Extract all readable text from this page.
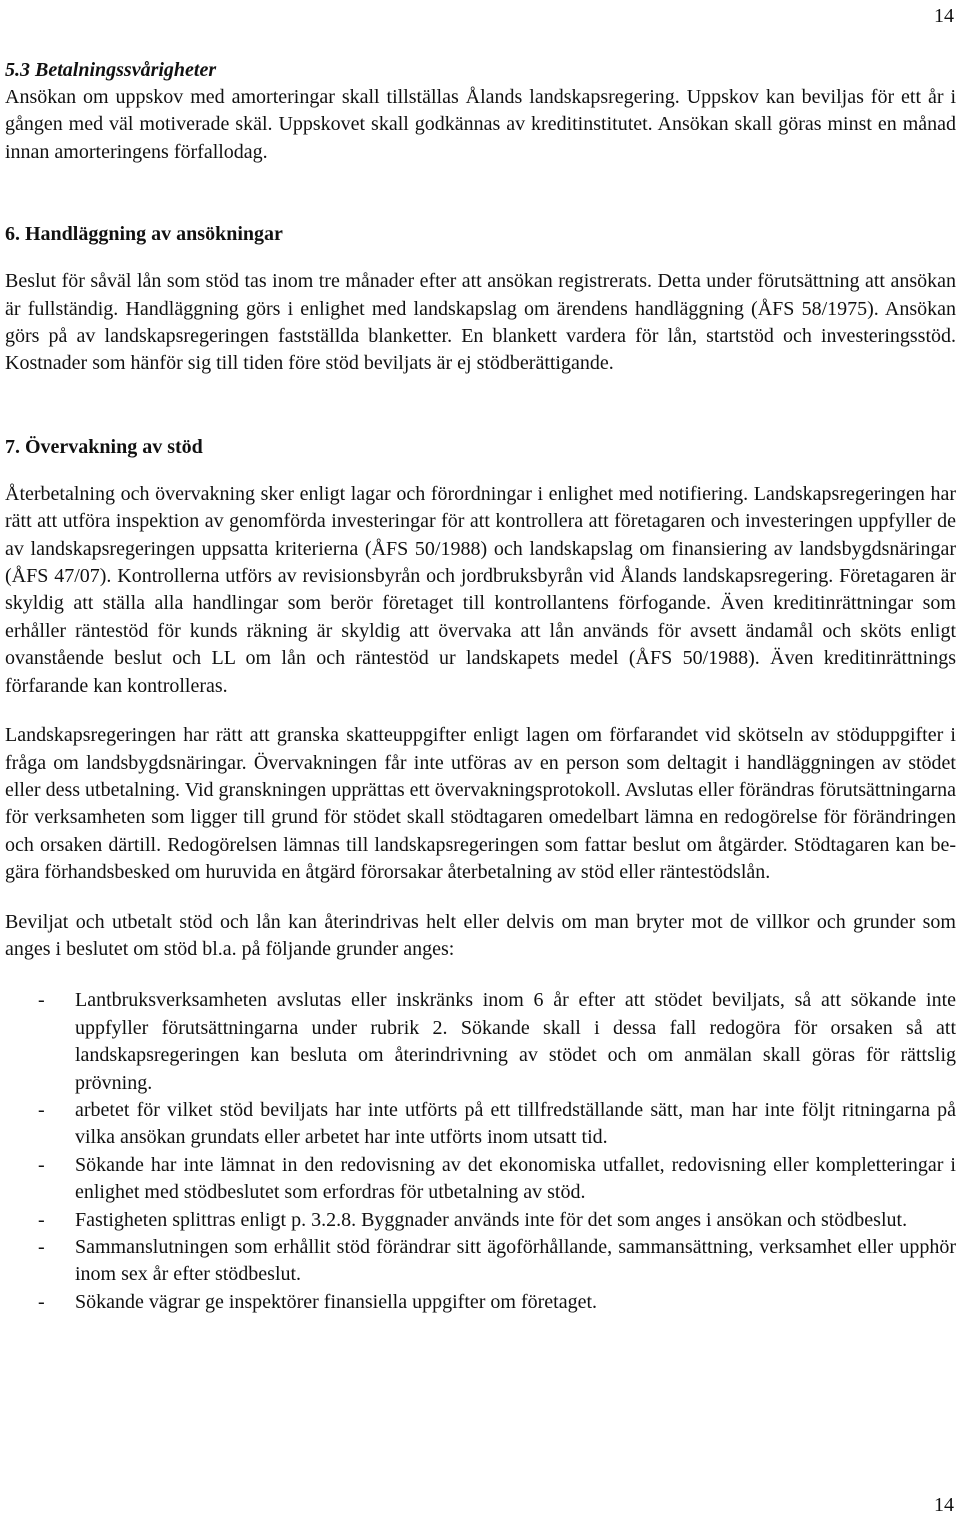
14
5.3 Betalningssvårigheter

Ansökan om uppskov med amorteringar skall tillställas Ålands landskapsregering. Uppskov kan beviljas för ett år i gången med väl motiverade skäl. Uppskovet skall godkännas av kreditinstitutet. Ansökan skall göras minst en månad innan amorteringens förfallodag.

6. Handläggning av ansökningar

Beslut för såväl lån som stöd tas inom tre månader efter att ansökan registrerats. Detta under förutsättning att ansökan är fullständig. Handläggning görs i enlighet med landskapslag om ärendens handläggning (ÅFS 58/1975). Ansökan görs på av landskapsregeringen fastställda blanketter. En blankett vardera för lån, startstöd och investeringsstöd. Kostnader som hänför sig till tiden före stöd beviljats är ej stödberättigande.

7. Övervakning av stöd

Återbetalning och övervakning sker enligt lagar och förordningar i enlighet med notifiering. Landskapsregeringen har rätt att utföra inspektion av genomförda investeringar för att kontrollera att företagaren och investeringen uppfyller de av landskapsregeringen uppsatta kriterierna (ÅFS 50/1988) och landskapslag om finansiering av landsbygdsnäringar (ÅFS 47/07). Kontrollerna utförs av revisionsbyrån och jordbruksbyrån vid Ålands landskapsregering. Företagaren är skyldig att ställa alla handlingar som berör företaget till kontrollantens förfogande. Även kreditinrättningar som erhåller räntestöd för kunds räkning är skyldig att övervaka att lån används för avsett ändamål och sköts enligt ovanstående beslut och LL om lån och räntestöd ur landskapets medel (ÅFS 50/1988). Även kreditinrättnings förfarande kan kontrolleras.

Landskapsregeringen har rätt att granska skatteuppgifter enligt lagen om förfarandet vid skötseln av stöduppgifter i fråga om landsbygdsnäringar. Övervakningen får inte utföras av en person som deltagit i handläggningen av stödet eller dess utbetalning. Vid granskningen upprättas ett övervakningsprotokoll. Avslutas eller förändras förutsättningarna för verksamheten som ligger till grund för stödet skall stödtagaren omedelbart lämna en redogörelse för förändringen och orsaken därtill. Redogörelsen lämnas till landskapsregeringen som fattar beslut om åtgärder. Stödtagaren kan begära förhandsbesked om huruvida en åtgärd förorsakar återbetalning av stöd eller räntestödslån.

Beviljat och utbetalt stöd och lån kan återindrivas helt eller delvis om man bryter mot de villkor och grunder som anges i beslutet om stöd bl.a. på följande grunder anges:

- Lantbruksverksamheten avslutas eller inskränks inom 6 år efter att stödet beviljats, så att sökande inte uppfyller förutsättningarna under rubrik 2. Sökande skall i dessa fall redogöra för orsaken så att landskapsregeringen kan besluta om återindrivning av stödet och om anmälan skall göras för rättslig prövning.
- arbetet för vilket stöd beviljats har inte utförts på ett tillfredställande sätt, man har inte följt ritningarna på vilka ansökan grundats eller arbetet har inte utförts inom utsatt tid.
- Sökande har inte lämnat in den redovisning av det ekonomiska utfallet, redovisning eller kompletteringar i enlighet med stödbeslutet som erfordras för utbetalning av stöd.
- Fastigheten splittras enligt p. 3.2.8. Byggnader används inte för det som anges i ansökan och stödbeslut.
- Sammanslutningen som erhållit stöd förändrar sitt ägoförhållande, sammansättning, verksamhet eller upphör inom sex år efter stödbeslut.
- Sökande vägrar ge inspektörer finansiella uppgifter om företaget.
14
